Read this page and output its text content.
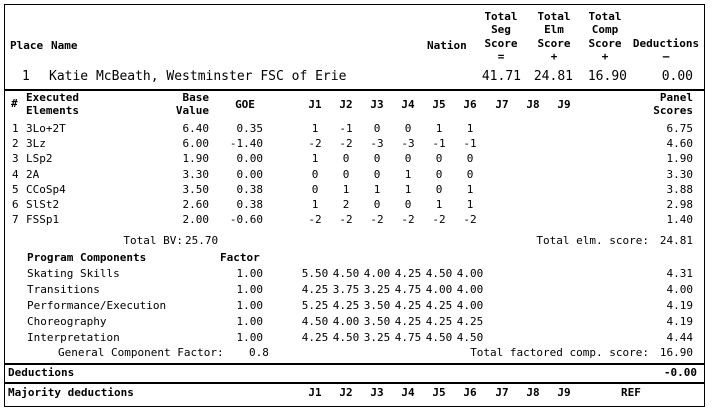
Place Name	Nation
Total
Seg
Score
=
Total
Elm
Score
+
Total
Comp
Score
+
Deductions
–
1 Katie McBeath, Westminster FSC of Erie	41.71 24.81	16.90	0.00
# Executed
Elements
Base
Value	GOE	J1	J2	J3	J4	J5	J6	J7	J8	J9
Panel
Scores
1 3Lo+2T	6.40	0.35	1	-1	0	0	1	1	6.75
2 3Lz	6.00	-1.40	-2	-2	-3	-3	-1	-1	4.60
3 LSp2	1.90	0.00	1	0	0	0	0	0	1.90
4 2A	3.30	0.00	0	0	0	1	0	0	3.30
5 CCoSp4	3.50	0.38	0	1	1	1	0	1	3.88
6 SlSt2	2.60	0.38	1	2	0	0	1	1	2.98
7 FSSp1	2.00	-0.60	-2	-2	-2	-2	-2	-2	1.40
Total BV: 25.70	Total elm. score: 24.81
Program Components	Factor
Skating Skills	1.00	5.50 4.50 4.00 4.25 4.50 4.00	4.31
Transitions	1.00	4.25 3.75 3.25 4.75 4.00 4.00	4.00
Performance/Execution	1.00	5.25 4.25 3.50 4.25 4.25 4.00	4.19
Choreography	1.00	4.50 4.00 3.50 4.25 4.25 4.25	4.19
Interpretation	1.00	4.25 4.50 3.25 4.75 4.50 4.50	4.44
General Component Factor: 0.8	Total factored comp. score: 16.90
Deductions	-0.00
Majority deductions	J1	J2	J3	J4	J5	J6	J7	J8	J9	REF
